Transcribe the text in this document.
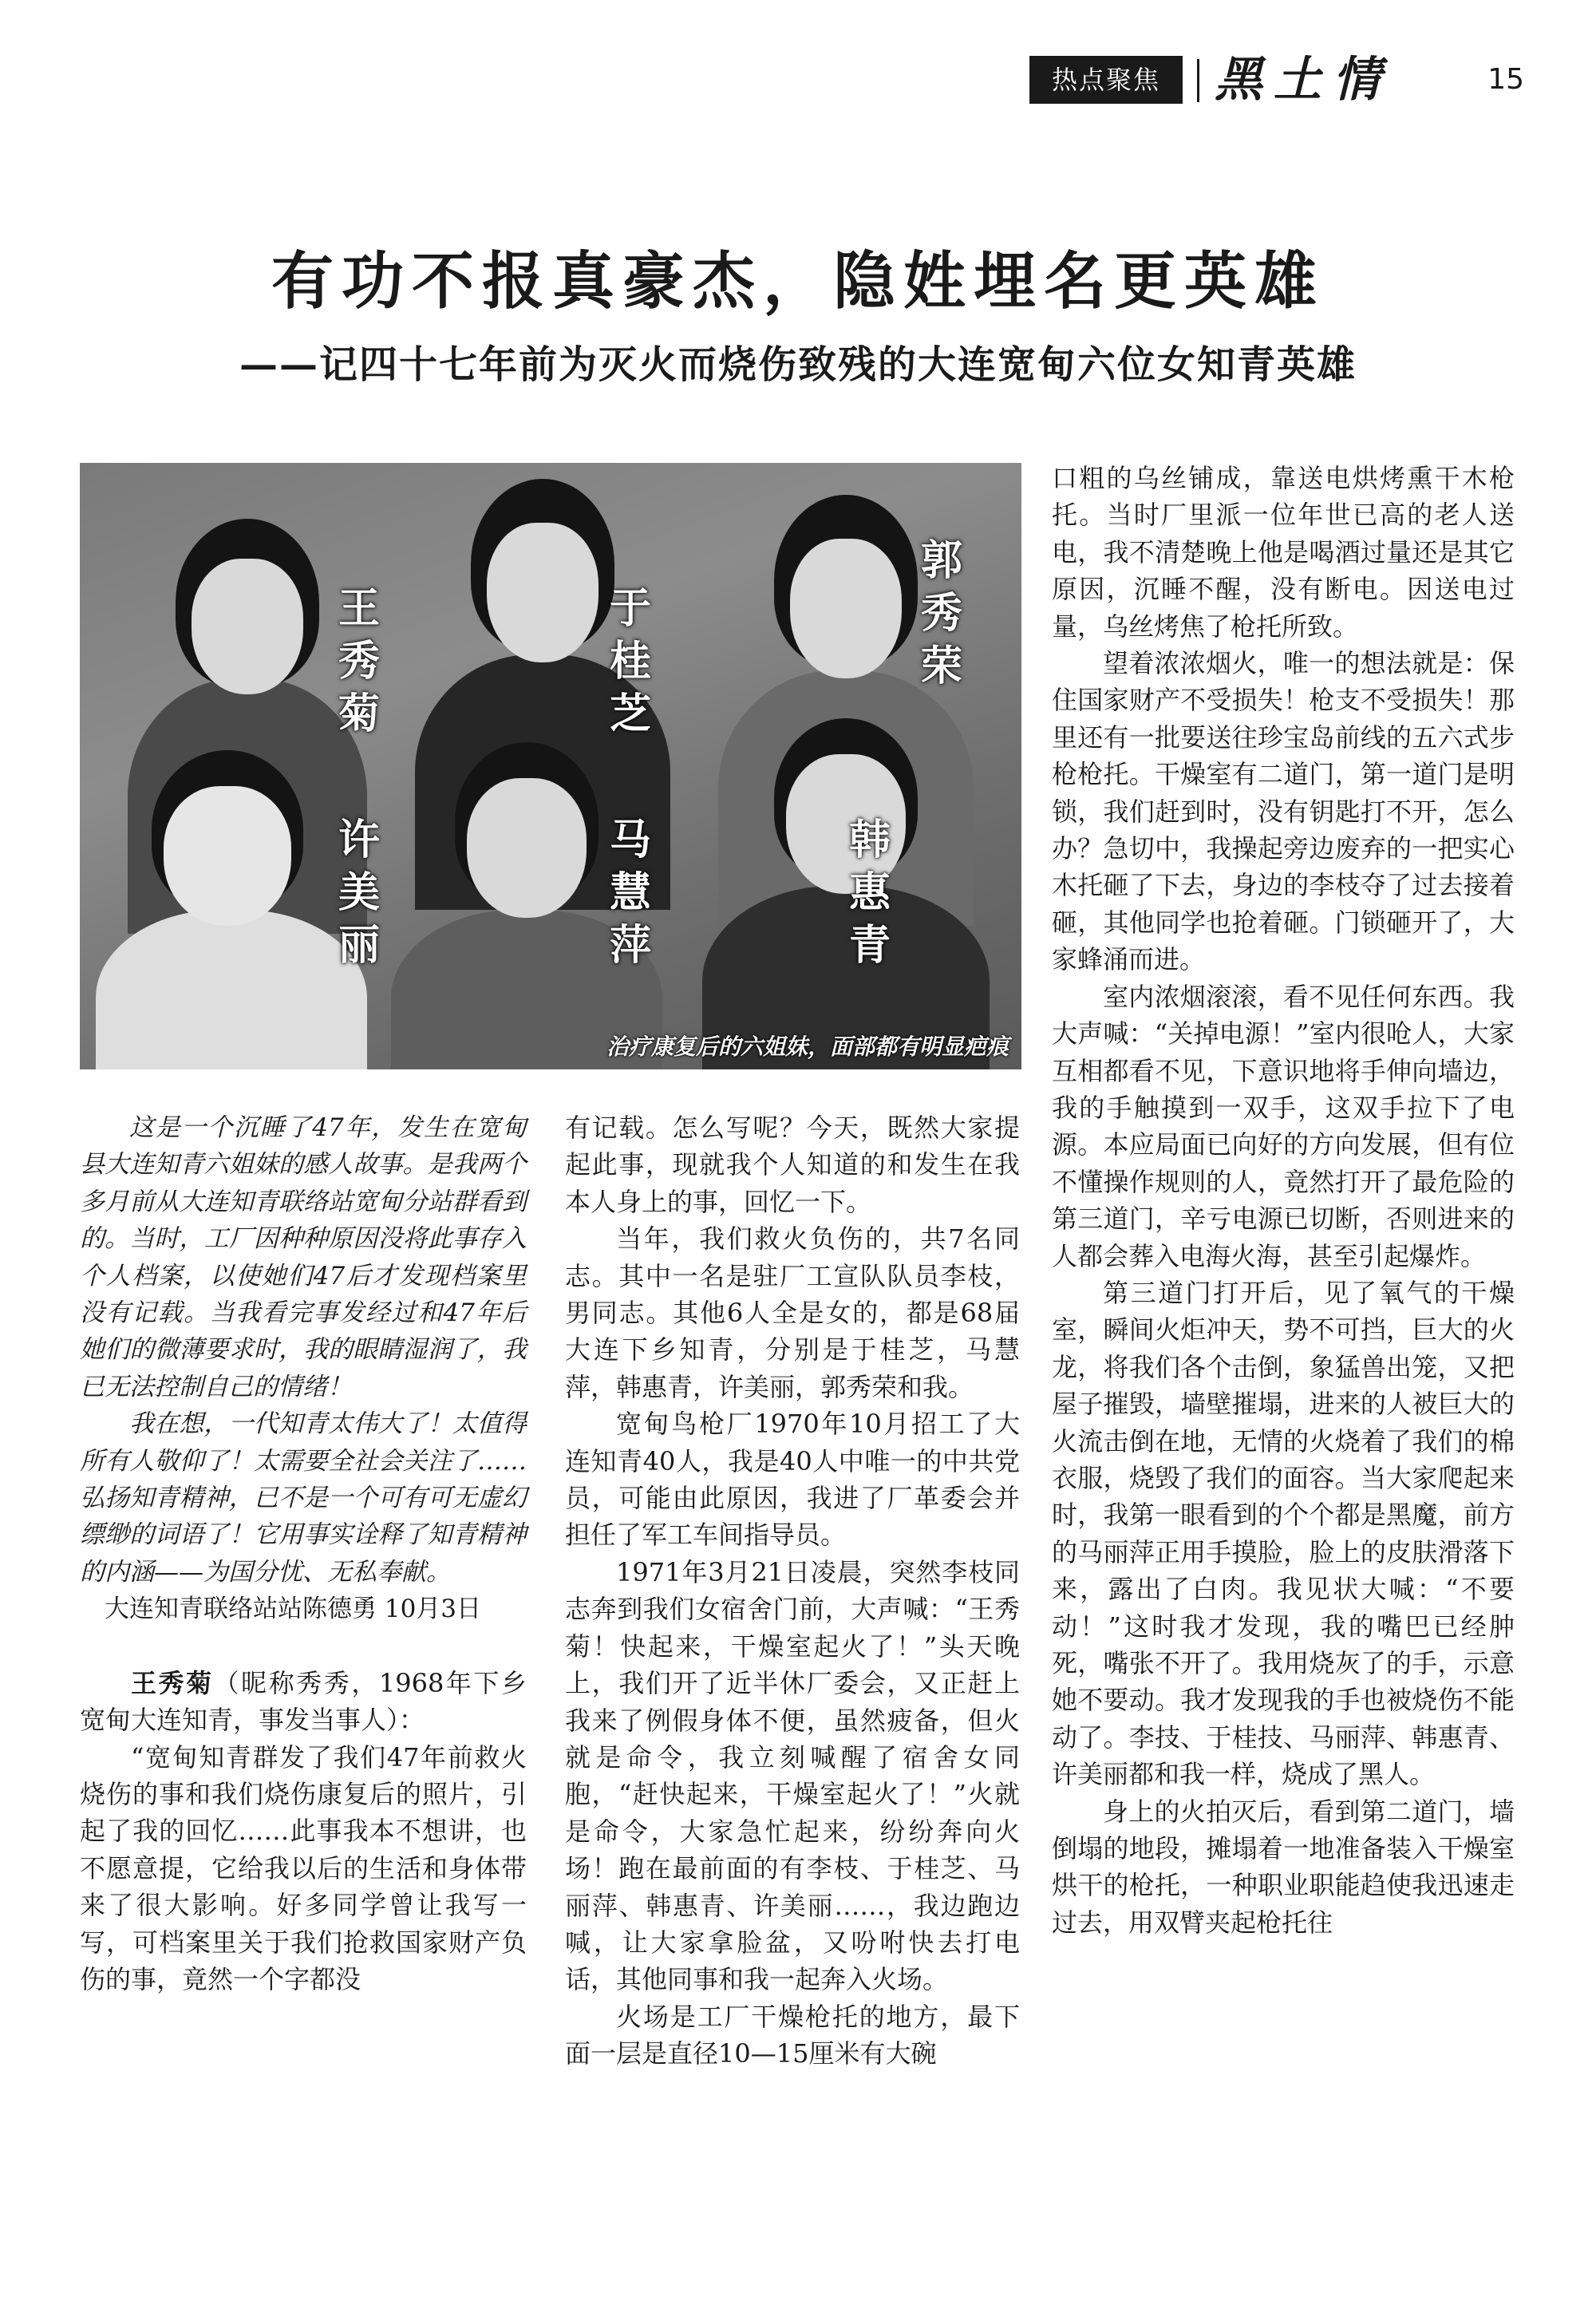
热点聚焦	黑土情	15
有功不报真豪杰，隐姓埋名更英雄
——记四十七年前为灭火而烧伤致残的大连宽甸六位女知青英雄
王秀菊
于桂芝
郭秀荣
许美丽
马慧萍
韩惠青
治疗康复后的六姐妹，面部都有明显疤痕

这是一个沉睡了47年，发生在宽甸县大连知青六姐妹的感人故事。是我两个多月前从大连知青联络站宽甸分站群看到的。当时，工厂因种种原因没将此事存入个人档案，以使她们47后才发现档案里没有记载。当我看完事发经过和47年后她们的微薄要求时，我的眼睛湿润了，我已无法控制自己的情绪！

我在想，一代知青太伟大了！太值得所有人敬仰了！太需要全社会关注了……弘扬知青精神，已不是一个可有可无虚幻缥缈的词语了！它用事实诠释了知青精神的内涵——为国分忧、无私奉献。

大连知青联络站站陈德勇 10月3日

王秀菊（昵称秀秀，1968年下乡宽甸大连知青，事发当事人）：

“宽甸知青群发了我们47年前救火烧伤的事和我们烧伤康复后的照片，引起了我的回忆……此事我本不想讲，也不愿意提，它给我以后的生活和身体带来了很大影响。好多同学曾让我写一写，可档案里关于我们抢救国家财产负伤的事，竟然一个字都没

有记载。怎么写呢？今天，既然大家提起此事，现就我个人知道的和发生在我本人身上的事，回忆一下。

当年，我们救火负伤的，共7名同志。其中一名是驻厂工宣队队员李枝，男同志。其他6人全是女的，都是68届大连下乡知青，分别是于桂芝，马慧萍，韩惠青，许美丽，郭秀荣和我。

宽甸鸟枪厂1970年10月招工了大连知青40人，我是40人中唯一的中共党员，可能由此原因，我进了厂革委会并担任了军工车间指导员。

1971年3月21日凌晨，突然李枝同志奔到我们女宿舍门前，大声喊：“王秀菊！快起来，干燥室起火了！”头天晚上，我们开了近半休厂委会，又正赶上我来了例假身体不便，虽然疲备，但火就是命令，我立刻喊醒了宿舍女同胞，“赶快起来，干燥室起火了！”火就是命令，大家急忙起来，纷纷奔向火场！跑在最前面的有李枝、于桂芝、马丽萍、韩惠青、许美丽……，我边跑边喊，让大家拿脸盆，又吩咐快去打电话，其他同事和我一起奔入火场。

火场是工厂干燥枪托的地方，最下面一层是直径10—15厘米有大碗

口粗的乌丝铺成，靠送电烘烤熏干木枪托。当时厂里派一位年世已高的老人送电，我不清楚晚上他是喝酒过量还是其它原因，沉睡不醒，没有断电。因送电过量，乌丝烤焦了枪托所致。

望着浓浓烟火，唯一的想法就是：保住国家财产不受损失！枪支不受损失！那里还有一批要送往珍宝岛前线的五六式步枪枪托。干燥室有二道门，第一道门是明锁，我们赶到时，没有钥匙打不开，怎么办？急切中，我操起旁边废弃的一把实心木托砸了下去，身边的李枝夺了过去接着砸，其他同学也抢着砸。门锁砸开了，大家蜂涌而进。

室内浓烟滚滚，看不见任何东西。我大声喊：“关掉电源！”室内很呛人，大家互相都看不见，下意识地将手伸向墙边，我的手触摸到一双手，这双手拉下了电源。本应局面已向好的方向发展，但有位不懂操作规则的人，竟然打开了最危险的第三道门，辛亏电源已切断，否则进来的人都会葬入电海火海，甚至引起爆炸。

第三道门打开后，见了氧气的干燥室，瞬间火炬冲天，势不可挡，巨大的火龙，将我们各个击倒，象猛兽出笼，又把屋子摧毁，墙壁摧塌，进来的人被巨大的火流击倒在地，无情的火烧着了我们的棉衣服，烧毁了我们的面容。当大家爬起来时，我第一眼看到的个个都是黑魔，前方的马丽萍正用手摸脸，脸上的皮肤滑落下来，露出了白肉。我见状大喊：“不要动！”这时我才发现，我的嘴巴已经肿死，嘴张不开了。我用烧灰了的手，示意她不要动。我才发现我的手也被烧伤不能动了。李技、于桂技、马丽萍、韩惠青、许美丽都和我一样，烧成了黑人。

身上的火拍灭后，看到第二道门，墙倒塌的地段，摊塌着一地准备装入干燥室烘干的枪托，一种职业职能趋使我迅速走过去，用双臂夹起枪托往
